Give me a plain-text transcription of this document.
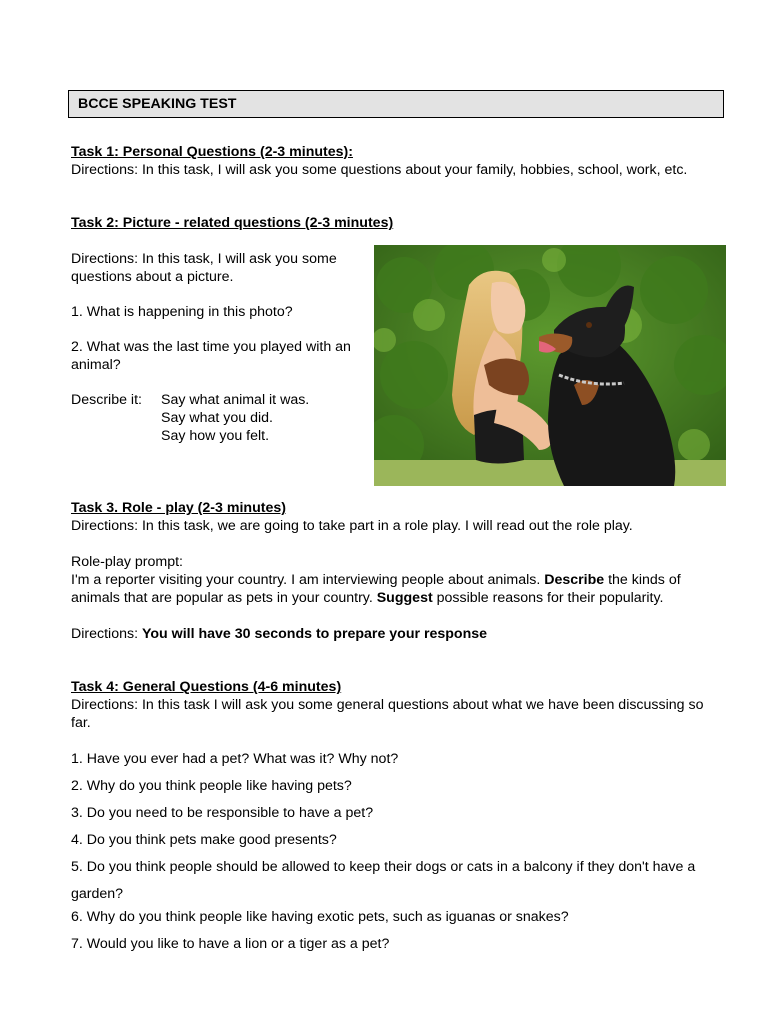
BCCE SPEAKING TEST

Task 1: Personal Questions (2-3 minutes):

Directions: In this task, I will ask you some questions about your family, hobbies, school, work, etc.

Task 2: Picture - related questions (2-3 minutes)

Directions: In this task, I will ask you some questions about a picture.

1. What is happening in this photo?

2. What was the last time you played with an animal?

Describe it:	Say what animal it was.
Say what you did.
Say how you felt.

Task 3. Role - play (2-3 minutes)

Directions: In this task, we are going to take part in a role play. I will read out the role play.

Role-play prompt:

I'm a reporter visiting your country. I am interviewing people about animals. Describe the kinds of animals that are popular as pets in your country. Suggest possible reasons for their popularity.

Directions: You will have 30 seconds to prepare your response

Task 4: General Questions (4-6 minutes)

Directions: In this task I will ask you some general questions about what we have been discussing so far.

1. Have you ever had a pet? What was it? Why not?
2. Why do you think people like having pets?
3. Do you need to be responsible to have a pet?
4. Do you think pets make good presents?
5. Do you think people should be allowed to keep their dogs or cats in a balcony if they don't have a garden?
6. Why do you think people like having exotic pets, such as iguanas or snakes?
7. Would you like to have a lion or a tiger as a pet?
